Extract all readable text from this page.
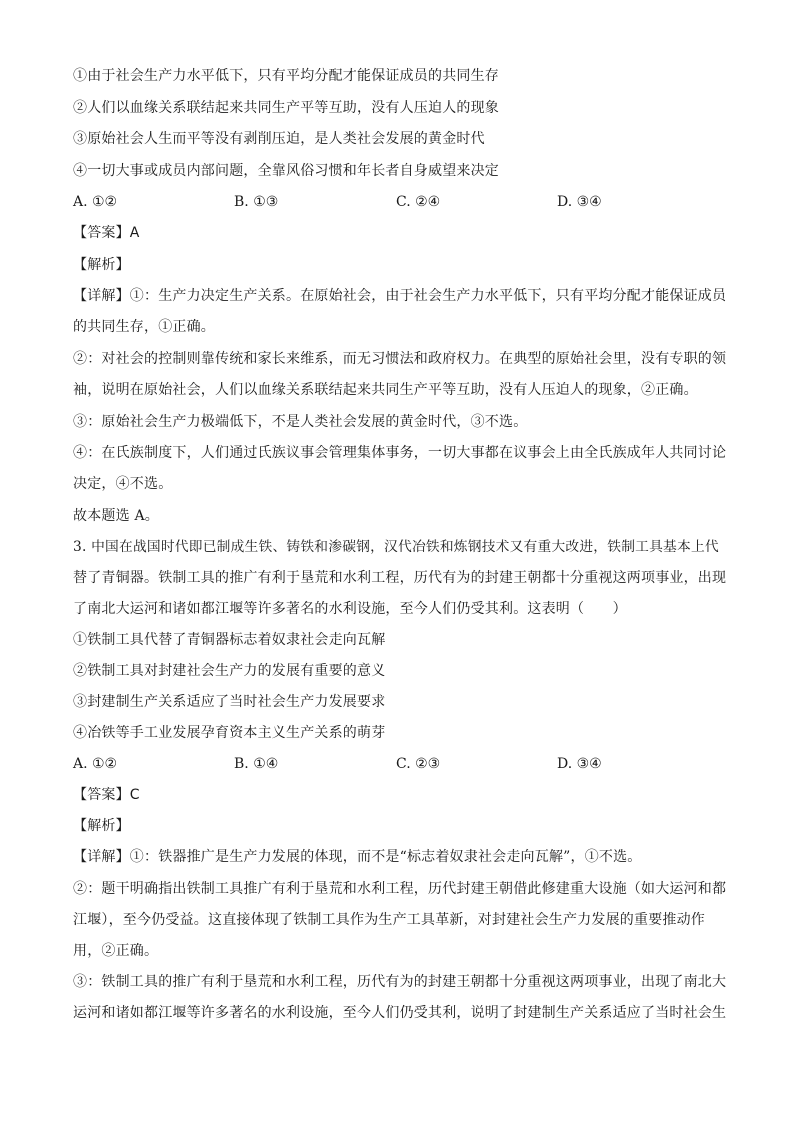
①由于社会生产力水平低下，只有平均分配才能保证成员的共同生存
②人们以血缘关系联结起来共同生产平等互助，没有人压迫人的现象
③原始社会人生而平等没有剥削压迫，是人类社会发展的黄金时代
④一切大事或成员内部问题，全靠风俗习惯和年长者自身威望来决定
A. ①②	B. ①③	C. ②④	D. ③④
【答案】A
【解析】
【详解】①：生产力决定生产关系。在原始社会，由于社会生产力水平低下，只有平均分配才能保证成员
的共同生存，①正确。
②：对社会的控制则靠传统和家长来维系，而无习惯法和政府权力。在典型的原始社会里，没有专职的领
袖，说明在原始社会，人们以血缘关系联结起来共同生产平等互助，没有人压迫人的现象，②正确。
③：原始社会生产力极端低下，不是人类社会发展的黄金时代，③不选。
④：在氏族制度下，人们通过氏族议事会管理集体事务，一切大事都在议事会上由全氏族成年人共同讨论
决定，④不选。
故本题选 A。
3. 中国在战国时代即已制成生铁、铸铁和渗碳钢，汉代冶铁和炼钢技术又有重大改进，铁制工具基本上代
替了青铜器。铁制工具的推广有利于垦荒和水利工程，历代有为的封建王朝都十分重视这两项事业，出现
了南北大运河和诸如都江堰等许多著名的水利设施，至今人们仍受其利。这表明（　　）
①铁制工具代替了青铜器标志着奴隶社会走向瓦解
②铁制工具对封建社会生产力的发展有重要的意义
③封建制生产关系适应了当时社会生产力发展要求
④冶铁等手工业发展孕育资本主义生产关系的萌芽
A. ①②	B. ①④	C. ②③	D. ③④
【答案】C
【解析】
【详解】①：铁器推广是生产力发展的体现，而不是“标志着奴隶社会走向瓦解”，①不选。
②：题干明确指出铁制工具推广有利于垦荒和水利工程，历代封建王朝借此修建重大设施（如大运河和都
江堰），至今仍受益。这直接体现了铁制工具作为生产工具革新，对封建社会生产力发展的重要推动作
用，②正确。
③：铁制工具的推广有利于垦荒和水利工程，历代有为的封建王朝都十分重视这两项事业，出现了南北大
运河和诸如都江堰等许多著名的水利设施，至今人们仍受其利，说明了封建制生产关系适应了当时社会生
